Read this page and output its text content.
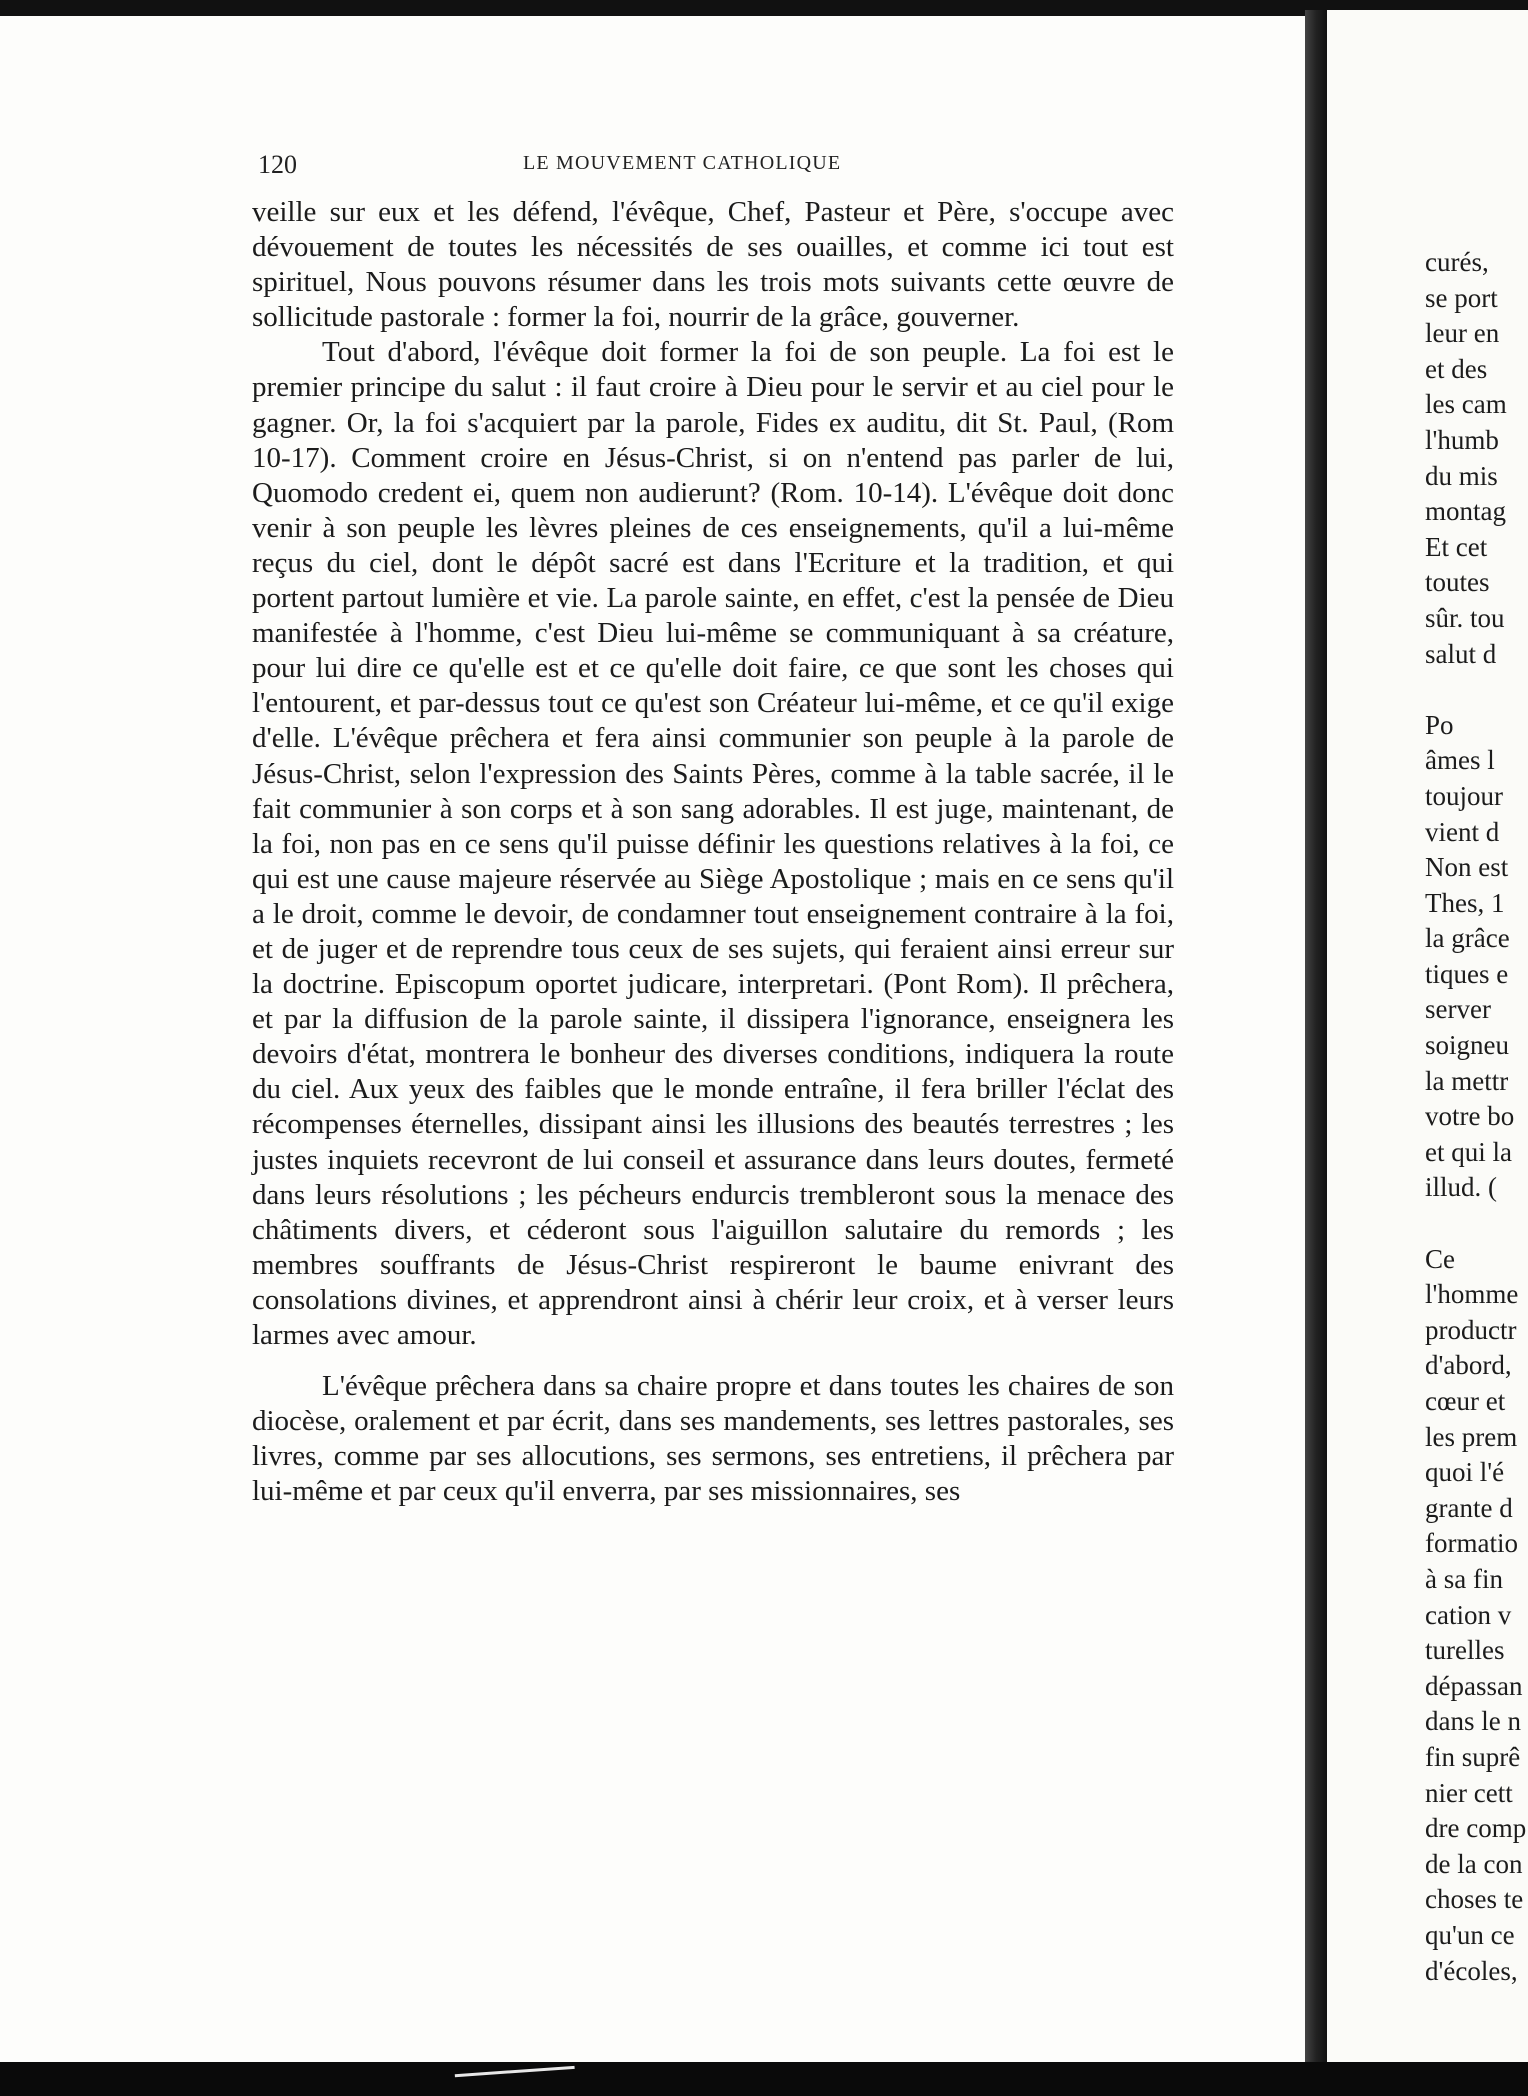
120	LE MOUVEMENT CATHOLIQUE

veille sur eux et les défend, l'évêque, Chef, Pasteur et Père, s'occupe avec dévouement de toutes les nécessités de ses ouailles, et comme ici tout est spirituel, Nous pouvons résumer dans les trois mots suivants cette œuvre de sollicitude pastorale : former la foi, nourrir de la grâce, gouverner.

Tout d'abord, l'évêque doit former la foi de son peuple. La foi est le premier principe du salut : il faut croire à Dieu pour le servir et au ciel pour le gagner. Or, la foi s'acquiert par la parole, Fides ex auditu, dit St. Paul, (Rom 10-17). Comment croire en Jésus-Christ, si on n'entend pas parler de lui, Quomodo credent ei, quem non audierunt? (Rom. 10-14). L'évêque doit donc venir à son peuple les lèvres pleines de ces enseignements, qu'il a lui-même reçus du ciel, dont le dépôt sacré est dans l'Ecriture et la tradition, et qui portent partout lumière et vie. La parole sainte, en effet, c'est la pensée de Dieu manifestée à l'homme, c'est Dieu lui-même se communiquant à sa créature, pour lui dire ce qu'elle est et ce qu'elle doit faire, ce que sont les choses qui l'entourent, et par-dessus tout ce qu'est son Créateur lui-même, et ce qu'il exige d'elle. L'évêque prêchera et fera ainsi communier son peuple à la parole de Jésus-Christ, selon l'expression des Saints Pères, comme à la table sacrée, il le fait communier à son corps et à son sang adorables. Il est juge, maintenant, de la foi, non pas en ce sens qu'il puisse définir les questions relatives à la foi, ce qui est une cause majeure réservée au Siège Apostolique ; mais en ce sens qu'il a le droit, comme le devoir, de condamner tout enseignement contraire à la foi, et de juger et de reprendre tous ceux de ses sujets, qui feraient ainsi erreur sur la doctrine. Episcopum oportet judicare, interpretari. (Pont Rom). Il prêchera, et par la diffusion de la parole sainte, il dissipera l'ignorance, enseignera les devoirs d'état, montrera le bonheur des diverses conditions, indiquera la route du ciel. Aux yeux des faibles que le monde entraîne, il fera briller l'éclat des récompenses éternelles, dissipant ainsi les illusions des beautés terrestres ; les justes inquiets recevront de lui conseil et assurance dans leurs doutes, fermeté dans leurs résolutions ; les pécheurs endurcis trembleront sous la menace des châtiments divers, et céderont sous l'aiguillon salutaire du remords ; les membres souffrants de Jésus-Christ respireront le baume enivrant des consolations divines, et apprendront ainsi à chérir leur croix, et à verser leurs larmes avec amour.

L'évêque prêchera dans sa chaire propre et dans toutes les chaires de son diocèse, oralement et par écrit, dans ses mandements, ses lettres pastorales, ses livres, comme par ses allocutions, ses sermons, ses entretiens, il prêchera par lui-même et par ceux qu'il enverra, par ses missionnaires, ses

curés,
se port
leur en
et des
les cam
l'humb
du mis
montag
Et cet
toutes
sûr. tou
salut d
Po
âmes l
toujour
vient d
Non est
Thes, 1
la grâce
tiques e
server
soigneu
la mettr
votre bo
et qui la
illud. (
Ce
l'homme
productr
d'abord,
cœur et
les prem
quoi l'é
grante d
formatio
à sa fin
cation v
turelles
dépassan
dans le n
fin suprê
nier cett
dre comp
de la con
choses te
qu'un ce
d'écoles,
